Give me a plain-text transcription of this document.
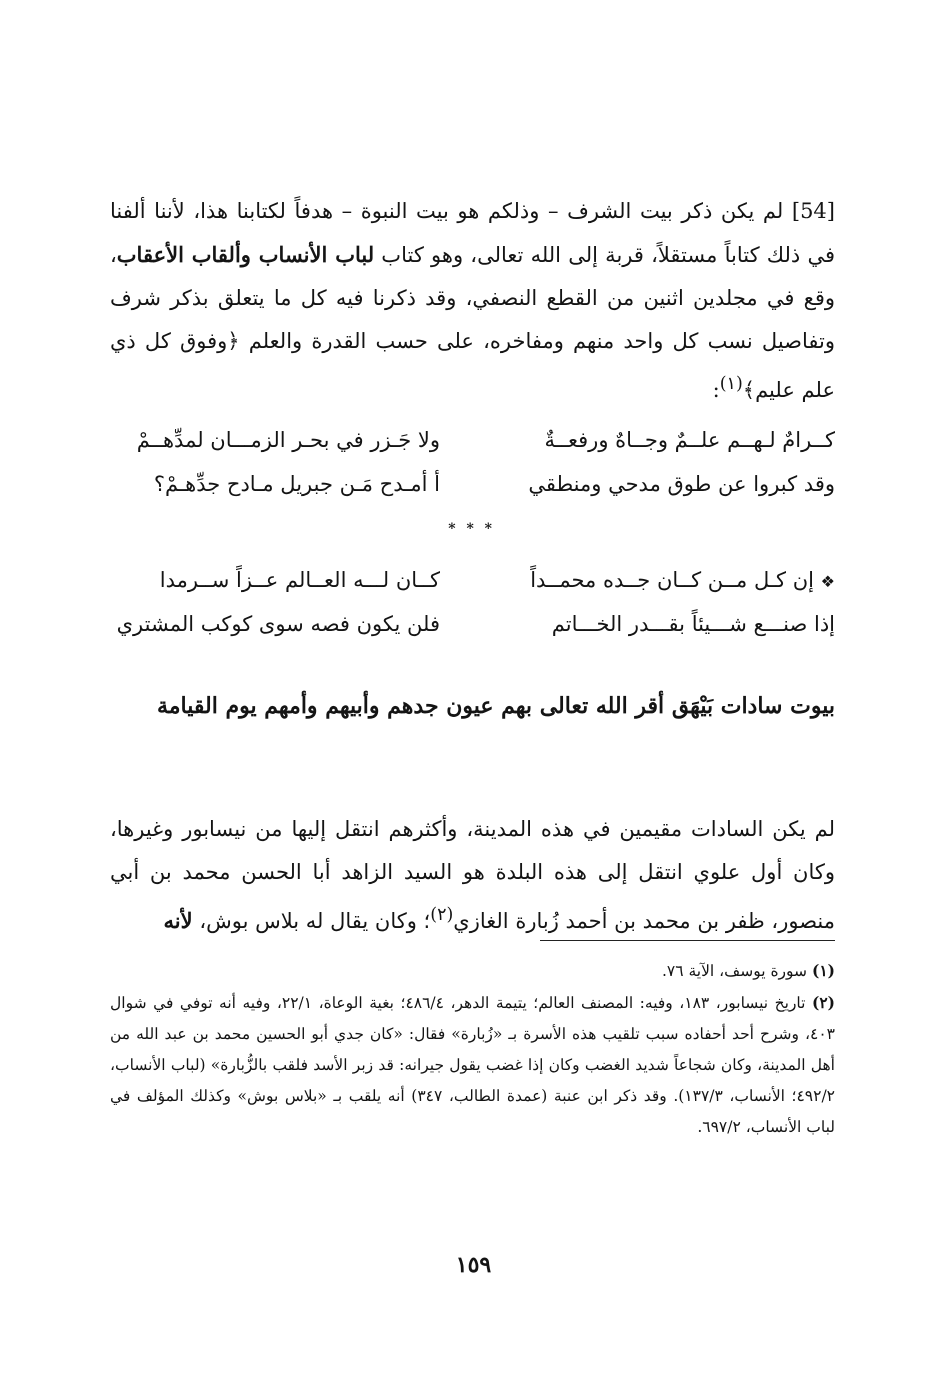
[54] لم يكن ذكر بيت الشرف – وذلكم هو بيت النبوة – هدفاً لكتابنا هذا، لأننا ألفنا في ذلك كتاباً مستقلاً، قربة إلى الله تعالى، وهو كتاب لباب الأنساب وألقاب الأعقاب، وقع في مجلدين اثنين من القطع النصفي، وقد ذكرنا فيه كل ما يتعلق بذكر شرف وتفاصيل نسب كل واحد منهم ومفاخره، على حسب القدرة والعلم ﴿وفوق كل ذي علم عليم﴾$^{(١)}$:

كــرامٌ لـهــم علــمٌ وجــاهٌ ورفعــةٌ
ولا جَـزر في بحـر الزمـــان لمدِّهــمْ
وقد كبروا عن طوق مدحي ومنطقي
أ أمـدح مَـن جبريل مـادح جدِّهـمْ؟
* * *
❖ إن كـل مــن كــان جــده محمــداً
كــان لـــه العــالم عــزاً ســرمدا
إذا صنـــع شـــيئاً بقـــدر الخـــاتم
فلن يكون فصه سوى كوكب المشتري
بيوت سادات بَيْهَق أقر الله تعالى بهم عيون جدهم وأبيهم وأمهم يوم القيامة

لم يكن السادات مقيمين في هذه المدينة، وأكثرهم انتقل إليها من نيسابور وغيرها، وكان أول علوي انتقل إلى هذه البلدة هو السيد الزاهد أبا الحسن محمد بن أبي منصور، ظفر بن محمد بن أحمد زُبارة الغازي$^{(٢)}$؛ وكان يقال له بلاس بوش، لأنه

(١) سورة يوسف، الآية ٧٦.

(٢) تاريخ نيسابور، ١٨٣، وفيه: المصنف العالم؛ يتيمة الدهر، ٤٨٦/٤؛ بغية الوعاة، ٢٢/١، وفيه أنه توفي في شوال ٤٠٣، وشرح أحد أحفاده سبب تلقيب هذه الأسرة بـ «زُبارة» فقال: «كان جدي أبو الحسين محمد بن عبد الله من أهل المدينة، وكان شجاعاً شديد الغضب وكان إذا غضب يقول جيرانه: قد زبر الأسد فلقب بالزُّبارة» (لباب الأنساب، ٤٩٢/٢؛ الأنساب، ١٣٧/٣). وقد ذكر ابن عنبة (عمدة الطالب، ٣٤٧) أنه يلقب بـ «بلاس بوش» وكذلك المؤلف في لباب الأنساب، ٦٩٧/٢.

١٥٩
